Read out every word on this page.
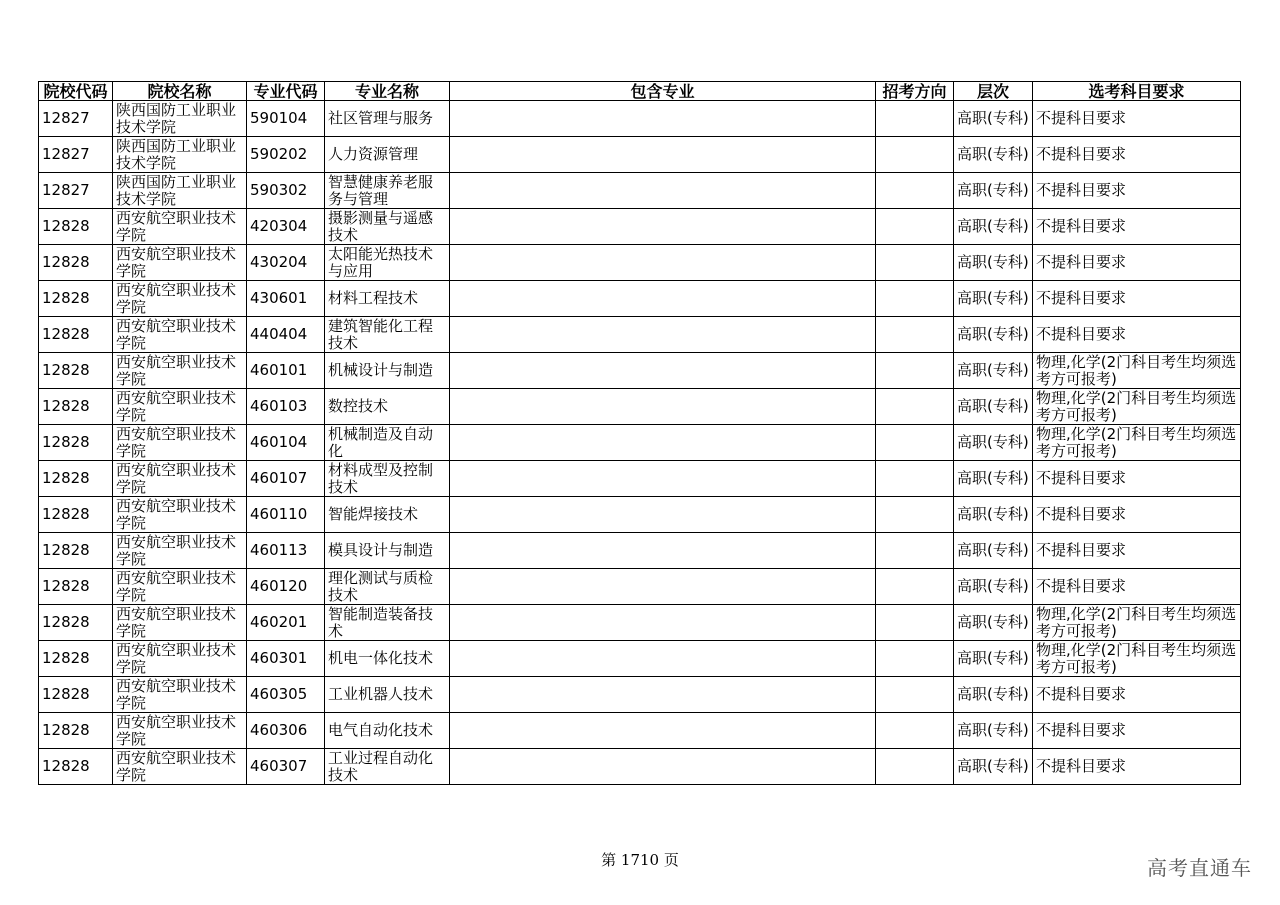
院校代码	院校名称	专业代码	专业名称	包含专业	招考方向	层次	选考科目要求
12827	陕西国防工业职业技术学院	590104	社区管理与服务			高职(专科)	不提科目要求
12827	陕西国防工业职业技术学院	590202	人力资源管理			高职(专科)	不提科目要求
12827	陕西国防工业职业技术学院	590302	智慧健康养老服务与管理			高职(专科)	不提科目要求
12828	西安航空职业技术学院	420304	摄影测量与遥感技术			高职(专科)	不提科目要求
12828	西安航空职业技术学院	430204	太阳能光热技术与应用			高职(专科)	不提科目要求
12828	西安航空职业技术学院	430601	材料工程技术			高职(专科)	不提科目要求
12828	西安航空职业技术学院	440404	建筑智能化工程技术			高职(专科)	不提科目要求
12828	西安航空职业技术学院	460101	机械设计与制造			高职(专科)	物理,化学(2门科目考生均须选考方可报考)
12828	西安航空职业技术学院	460103	数控技术			高职(专科)	物理,化学(2门科目考生均须选考方可报考)
12828	西安航空职业技术学院	460104	机械制造及自动化			高职(专科)	物理,化学(2门科目考生均须选考方可报考)
12828	西安航空职业技术学院	460107	材料成型及控制技术			高职(专科)	不提科目要求
12828	西安航空职业技术学院	460110	智能焊接技术			高职(专科)	不提科目要求
12828	西安航空职业技术学院	460113	模具设计与制造			高职(专科)	不提科目要求
12828	西安航空职业技术学院	460120	理化测试与质检技术			高职(专科)	不提科目要求
12828	西安航空职业技术学院	460201	智能制造装备技术			高职(专科)	物理,化学(2门科目考生均须选考方可报考)
12828	西安航空职业技术学院	460301	机电一体化技术			高职(专科)	物理,化学(2门科目考生均须选考方可报考)
12828	西安航空职业技术学院	460305	工业机器人技术			高职(专科)	不提科目要求
12828	西安航空职业技术学院	460306	电气自动化技术			高职(专科)	不提科目要求
12828	西安航空职业技术学院	460307	工业过程自动化技术			高职(专科)	不提科目要求
第 1710 页	高考直通车
